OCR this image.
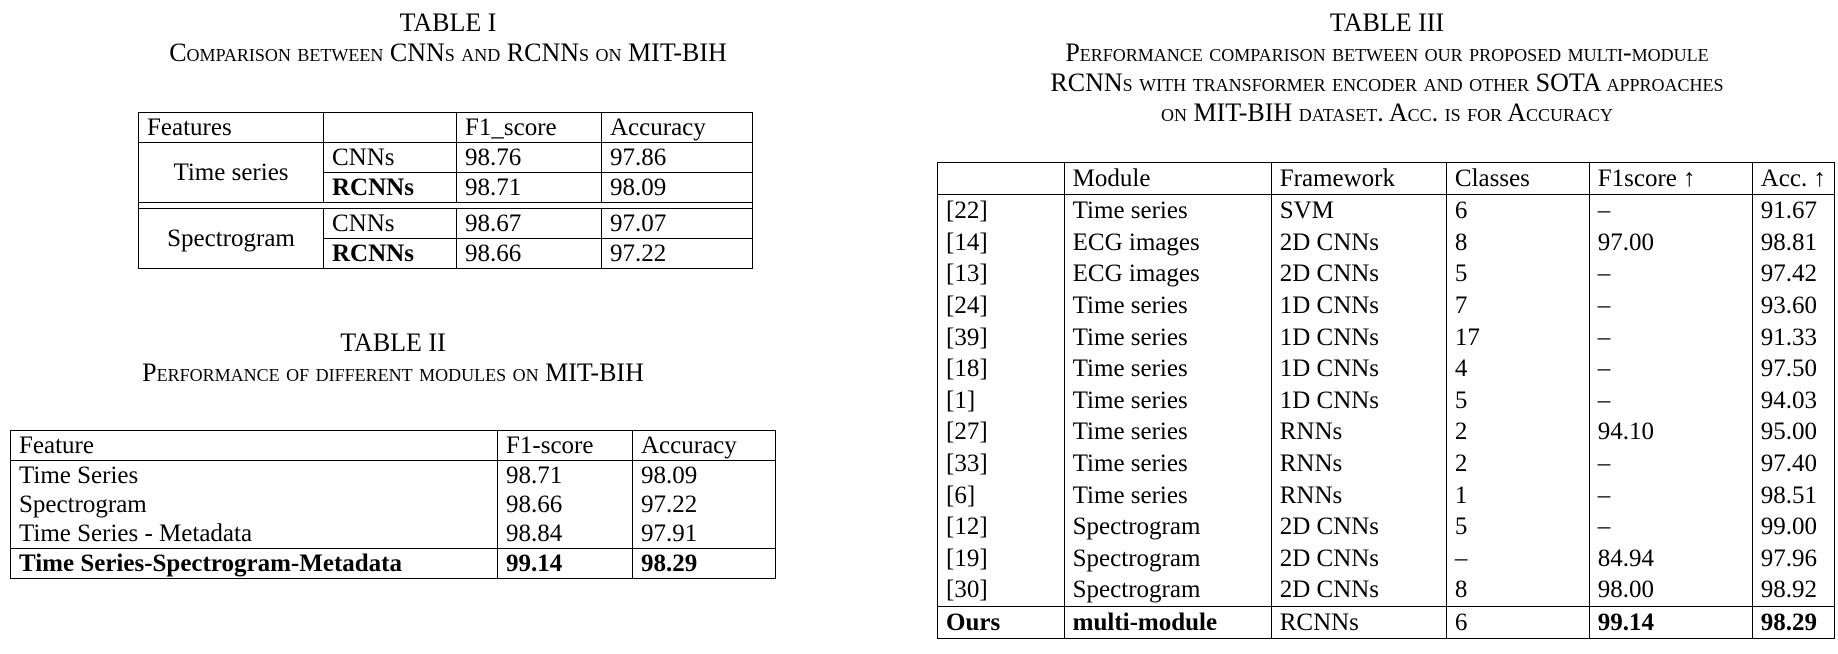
TABLE I
Comparison between CNNs and RCNNs on MIT-BIH
Features		F1_score	Accuracy
Time series	CNNs	98.76	97.86
	RCNNs	98.71	98.09

Spectrogram	CNNs	98.67	97.07
	RCNNs	98.66	97.22
TABLE II
Performance of different modules on MIT-BIH
Feature	F1-score	Accuracy
Time Series	98.71	98.09
Spectrogram	98.66	97.22
Time Series - Metadata	98.84	97.91
Time Series-Spectrogram-Metadata	99.14	98.29
TABLE III
Performance comparison between our proposed multi-module
RCNNs with transformer encoder and other SOTA approaches
on MIT-BIH dataset. Acc. is for Accuracy
	Module	Framework	Classes	F1score ↑	Acc. ↑
[22]	Time series	SVM	6	–	91.67
[14]	ECG images	2D CNNs	8	97.00	98.81
[13]	ECG images	2D CNNs	5	–	97.42
[24]	Time series	1D CNNs	7	–	93.60
[39]	Time series	1D CNNs	17	–	91.33
[18]	Time series	1D CNNs	4	–	97.50
[1]	Time series	1D CNNs	5	–	94.03
[27]	Time series	RNNs	2	94.10	95.00
[33]	Time series	RNNs	2	–	97.40
[6]	Time series	RNNs	1	–	98.51
[12]	Spectrogram	2D CNNs	5	–	99.00
[19]	Spectrogram	2D CNNs	–	84.94	97.96
[30]	Spectrogram	2D CNNs	8	98.00	98.92
Ours	multi-module	RCNNs	6	99.14	98.29
